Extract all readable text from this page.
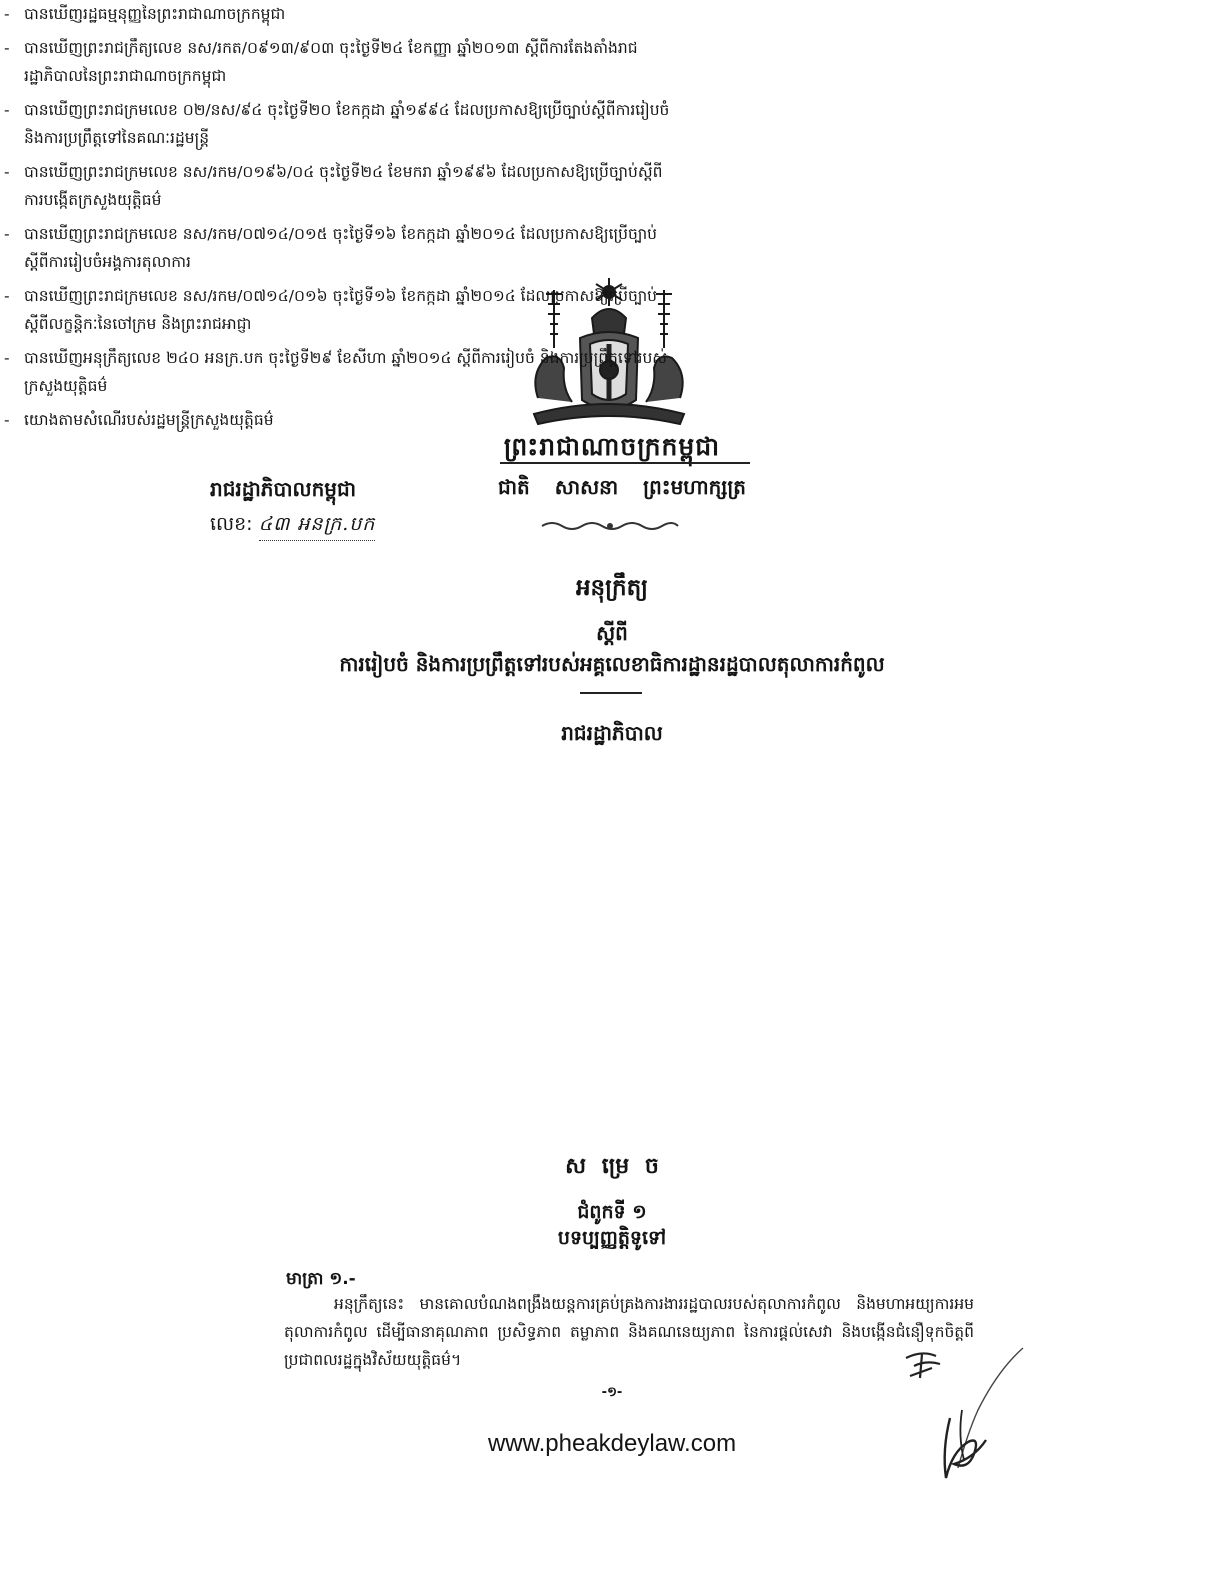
ព្រះរាជាណាចក្រកម្ពុជា
រាជរដ្ឋាភិបាលកម្ពុជា	ជាតិ សាសនា ព្រះមហាក្សត្រ
លេខ: ៤៣ អនក្រ.បក
អនុក្រឹត្យ
ស្ដីពី
ការរៀបចំ និងការប្រព្រឹត្តទៅរបស់អគ្គលេខាធិការដ្ឋានរដ្ឋបាលតុលាការកំពូល
រាជរដ្ឋាភិបាល
- បានឃើញរដ្ឋធម្មនុញ្ញនៃព្រះរាជាណាចក្រកម្ពុជា
- បានឃើញព្រះរាជក្រឹត្យលេខ នស/រកត/០៩១៣/៩០៣ ចុះថ្ងៃទី២៤ ខែកញ្ញា ឆ្នាំ២០១៣ ស្ដីពីការតែងតាំងរាជរដ្ឋាភិបាលនៃព្រះរាជាណាចក្រកម្ពុជា
- បានឃើញព្រះរាជក្រមលេខ ០២/នស/៩៤ ចុះថ្ងៃទី២០ ខែកក្កដា ឆ្នាំ១៩៩៤ ដែលប្រកាសឱ្យប្រើច្បាប់ស្ដីពីការរៀបចំ និងការប្រព្រឹត្តទៅនៃគណៈរដ្ឋមន្ត្រី
- បានឃើញព្រះរាជក្រមលេខ នស/រកម/០១៩៦/០៤ ចុះថ្ងៃទី២៤ ខែមករា ឆ្នាំ១៩៩៦ ដែលប្រកាសឱ្យប្រើច្បាប់ស្ដីពីការបង្កើតក្រសួងយុត្តិធម៌
- បានឃើញព្រះរាជក្រមលេខ នស/រកម/០៧១៤/០១៥ ចុះថ្ងៃទី១៦ ខែកក្កដា ឆ្នាំ២០១៤ ដែលប្រកាសឱ្យប្រើច្បាប់ស្ដីពីការរៀបចំអង្គការតុលាការ
- បានឃើញព្រះរាជក្រមលេខ នស/រកម/០៧១៤/០១៦ ចុះថ្ងៃទី១៦ ខែកក្កដា ឆ្នាំ២០១៤ ដែលប្រកាសឱ្យប្រើច្បាប់ស្ដីពីលក្ខន្តិកៈនៃចៅក្រម និងព្រះរាជអាជ្ញា
- បានឃើញអនុក្រឹត្យលេខ ២៤០ អនក្រ.បក ចុះថ្ងៃទី២៩ ខែសីហា ឆ្នាំ២០១៤ ស្ដីពីការរៀបចំ និងការប្រព្រឹត្តទៅរបស់ក្រសួងយុត្តិធម៌
- យោងតាមសំណើរបស់រដ្ឋមន្ត្រីក្រសួងយុត្តិធម៌
ស ម្រេ ច
ជំពូកទី ១
បទប្បញ្ញត្តិទូទៅ
មាត្រា ១.-
អនុក្រឹត្យនេះ មានគោលបំណងពង្រឹងយន្តការគ្រប់គ្រងការងាររដ្ឋបាលរបស់តុលាការកំពូល និងមហាអយ្យការអមតុលាការកំពូល ដើម្បីធានាគុណភាព ប្រសិទ្ធភាព តម្លាភាព និងគណនេយ្យភាព នៃការផ្ដល់សេវា និងបង្កើនជំនឿទុកចិត្តពីប្រជាពលរដ្ឋក្នុងវិស័យយុត្តិធម៌។
-១-
www.pheakdeylaw.com
